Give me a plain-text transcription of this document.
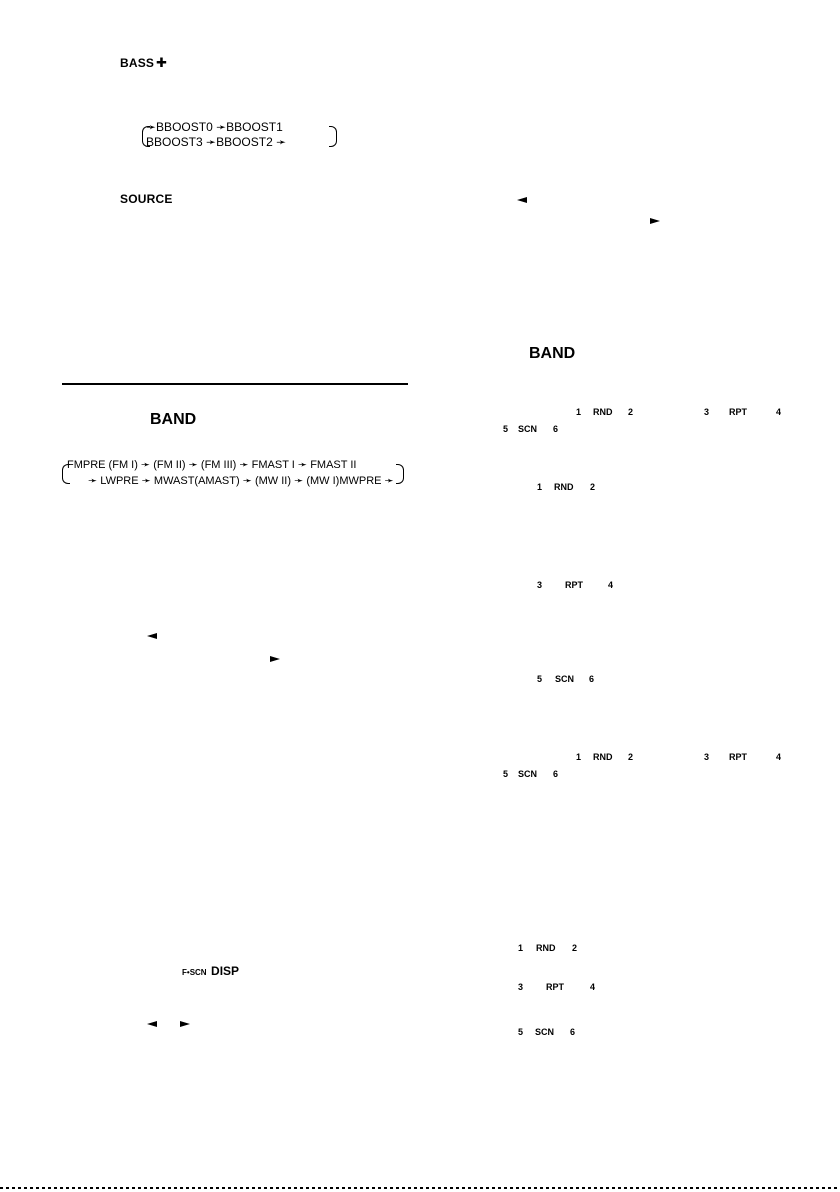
BASS ✚
➛BBOOST0 ➛BBOOST1
BBOOST3 ➛BBOOST2 ➛
SOURCE
BAND
FMPRE (FM I) ➛ (FM II) ➛ (FM III) ➛ FMAST I ➛ FMAST II
➛ LWPRE ➛ MWAST(AMAST) ➛ (MW II) ➛ (MW I)MWPRE ➛
F•SCN DISP
BAND
1 RND 2	3 RPT	4
5 SCN 6
1 RND 2
3	RPT	4
5 SCN 6
1 RND 2	3 RPT	4
5 SCN 6
1 RND 2
3	RPT	4
5 SCN 6
